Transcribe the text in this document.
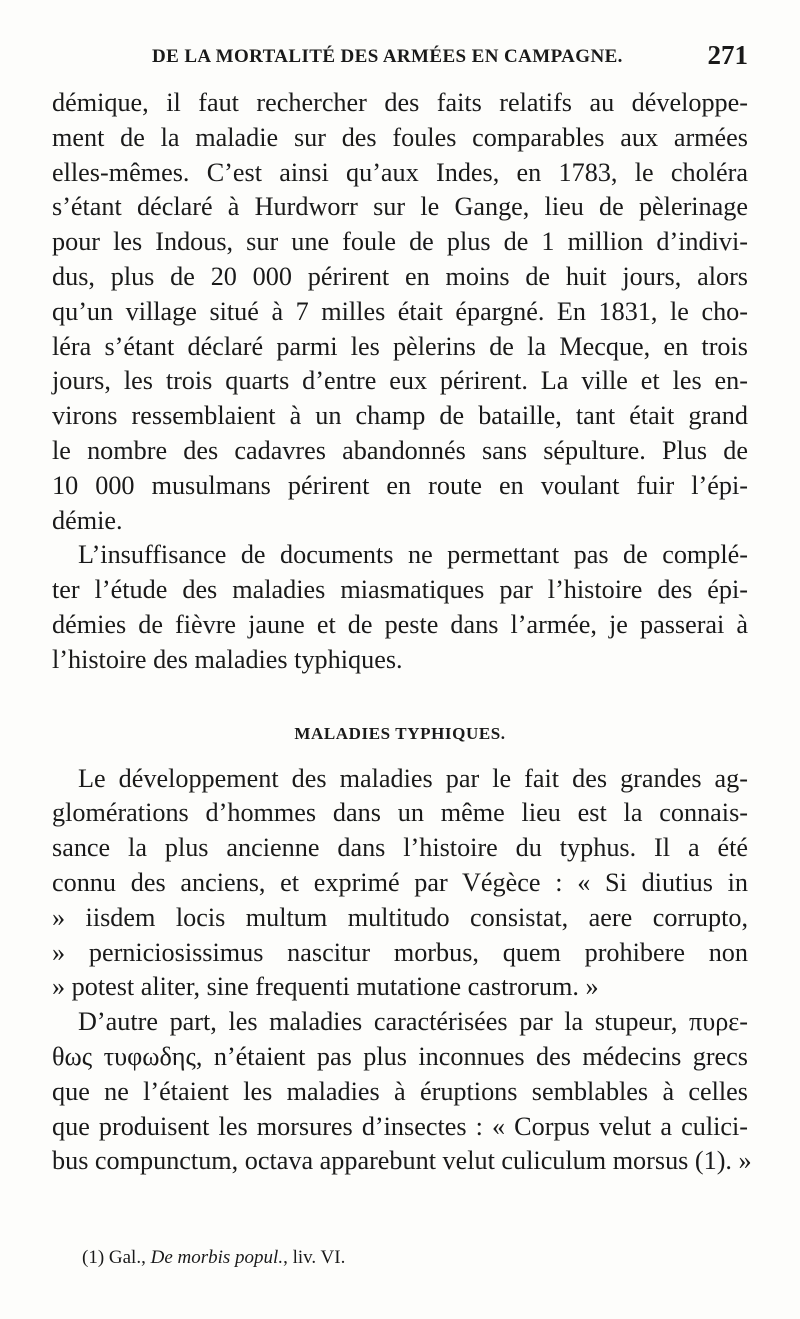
DE LA MORTALITÉ DES ARMÉES EN CAMPAGNE.	271
démique, il faut rechercher des faits relatifs au développe-
ment de la maladie sur des foules comparables aux armées
elles-mêmes. C’est ainsi qu’aux Indes, en 1783, le choléra
s’étant déclaré à Hurdworr sur le Gange, lieu de pèlerinage
pour les Indous, sur une foule de plus de 1 million d’indivi-
dus, plus de 20 000 périrent en moins de huit jours, alors
qu’un village situé à 7 milles était épargné. En 1831, le cho-
léra s’étant déclaré parmi les pèlerins de la Mecque, en trois
jours, les trois quarts d’entre eux périrent. La ville et les en-
virons ressemblaient à un champ de bataille, tant était grand
le nombre des cadavres abandonnés sans sépulture. Plus de
10 000 musulmans périrent en route en voulant fuir l’épi-
démie.
L’insuffisance de documents ne permettant pas de complé-
ter l’étude des maladies miasmatiques par l’histoire des épi-
démies de fièvre jaune et de peste dans l’armée, je passerai à
l’histoire des maladies typhiques.
MALADIES TYPHIQUES.
Le développement des maladies par le fait des grandes ag-
glomérations d’hommes dans un même lieu est la connais-
sance la plus ancienne dans l’histoire du typhus. Il a été
connu des anciens, et exprimé par Végèce : « Si diutius in
» iisdem locis multum multitudo consistat, aere corrupto,
» perniciosissimus nascitur morbus, quem prohibere non
» potest aliter, sine frequenti mutatione castrorum. »
D’autre part, les maladies caractérisées par la stupeur, πυρε-
θως τυφωδης, n’étaient pas plus inconnues des médecins grecs
que ne l’étaient les maladies à éruptions semblables à celles
que produisent les morsures d’insectes : « Corpus velut a culici-
bus compunctum, octava apparebunt velut culiculum morsus (1). »
(1) Gal., De morbis popul., liv. VI.
